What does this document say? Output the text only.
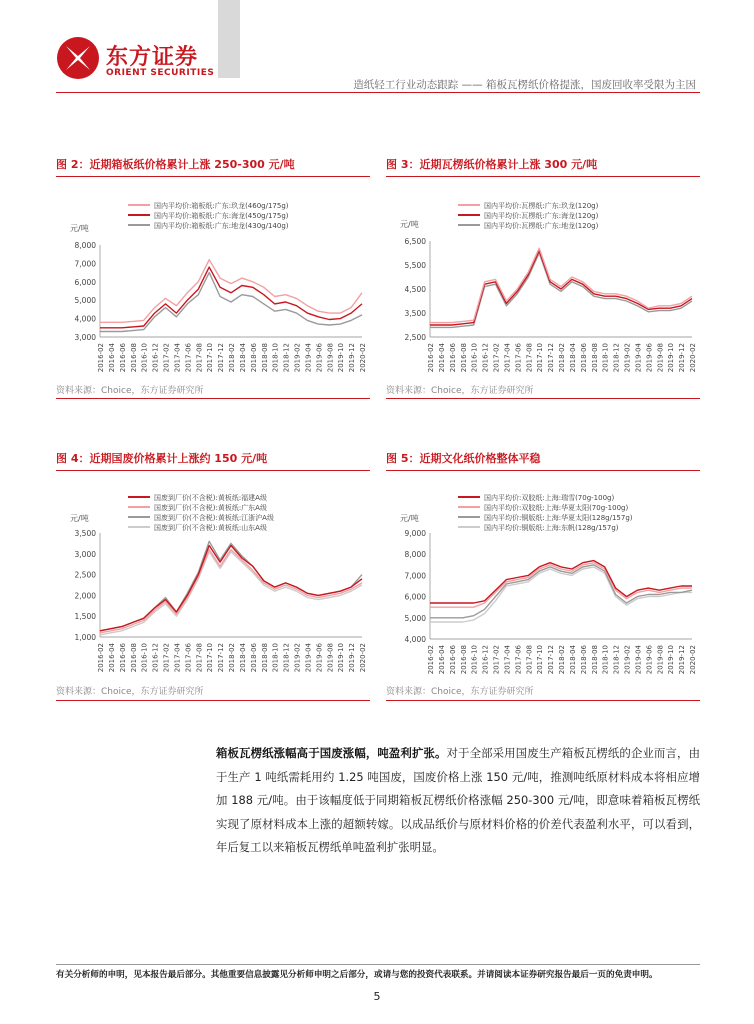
东方证券
ORIENT SECURITIES
造纸轻工行业动态跟踪 —— 箱板瓦楞纸价格提涨，国废回收率受限为主因
图 2：近期箱板纸价格累计上涨 250-300 元/吨
国内平均价:箱板纸:广东:玖龙(460g/175g)
国内平均价:箱板纸:广东:海龙(450g/175g)
国内平均价:箱板纸:广东:地龙(430g/140g)
元/吨
8,000
7,000
6,000
5,000
4,000
3,000
2016-02 2016-04 2016-06 2016-08 2016-10 2016-12 2017-02 2017-04 2017-06 2017-08 2017-10 2017-12 2018-02 2018-04 2018-06 2018-08 2018-10 2018-12 2019-02 2019-04 2019-06 2019-08 2019-10 2019-12 2020-02
资料来源：Choice，东方证券研究所
图 3：近期瓦楞纸价格累计上涨 300 元/吨
国内平均价:瓦楞纸:广东:玖龙(120g)
国内平均价:瓦楞纸:广东:海龙(120g)
国内平均价:瓦楞纸:广东:地龙(120g)
元/吨
6,500
5,500
4,500
3,500
2,500
2016-02 2016-04 2016-06 2016-08 2016-10 2016-12 2017-02 2017-04 2017-06 2017-08 2017-10 2017-12 2018-02 2018-04 2018-06 2018-08 2018-10 2018-12 2019-02 2019-04 2019-06 2019-08 2019-10 2019-12 2020-02
资料来源：Choice，东方证券研究所
图 4：近期国废价格累计上涨约 150 元/吨
国废到厂价(不含税):黄板纸:福建A级
国废到厂价(不含税):黄板纸:广东A级
国废到厂价(不含税):黄板纸:江浙沪A级
国废到厂价(不含税):黄板纸:山东A级
元/吨
3,500
3,000
2,500
2,000
1,500
1,000
2016-02 2016-04 2016-06 2016-08 2016-10 2016-12 2017-02 2017-04 2017-06 2017-08 2017-10 2017-12 2018-02 2018-04 2018-06 2018-08 2018-10 2018-12 2019-02 2019-04 2019-06 2019-08 2019-10 2019-12 2020-02
资料来源：Choice，东方证券研究所
图 5：近期文化纸价格整体平稳
国内平均价:双胶纸:上海:瑞雪(70g-100g)
国内平均价:双胶纸:上海:华夏太阳(70g-100g)
国内平均价:铜版纸:上海:华夏太阳(128g/157g)
国内平均价:铜版纸:上海:东帆(128g/157g)
元/吨
9,000
8,000
7,000
6,000
5,000
4,000
2016-02 2016-04 2016-06 2016-08 2016-10 2016-12 2017-02 2017-04 2017-06 2017-08 2017-10 2017-12 2018-02 2018-04 2018-06 2018-08 2018-10 2018-12 2019-02 2019-04 2019-06 2019-08 2019-10 2019-12 2020-02
资料来源：Choice，东方证券研究所
箱板瓦楞纸涨幅高于国废涨幅，吨盈利扩张。对于全部采用国废生产箱板瓦楞纸的企业而言，由于生产 1 吨纸需耗用约 1.25 吨国废，国废价格上涨 150 元/吨，推测吨纸原材料成本将相应增加 188 元/吨。由于该幅度低于同期箱板瓦楞纸价格涨幅 250-300 元/吨，即意味着箱板瓦楞纸实现了原材料成本上涨的超额转嫁。以成品纸价与原材料价格的价差代表盈利水平，可以看到，年后复工以来箱板瓦楞纸单吨盈利扩张明显。
有关分析师的申明，见本报告最后部分。其他重要信息披露见分析师申明之后部分，或请与您的投资代表联系。并请阅读本证券研究报告最后一页的免责申明。
5
